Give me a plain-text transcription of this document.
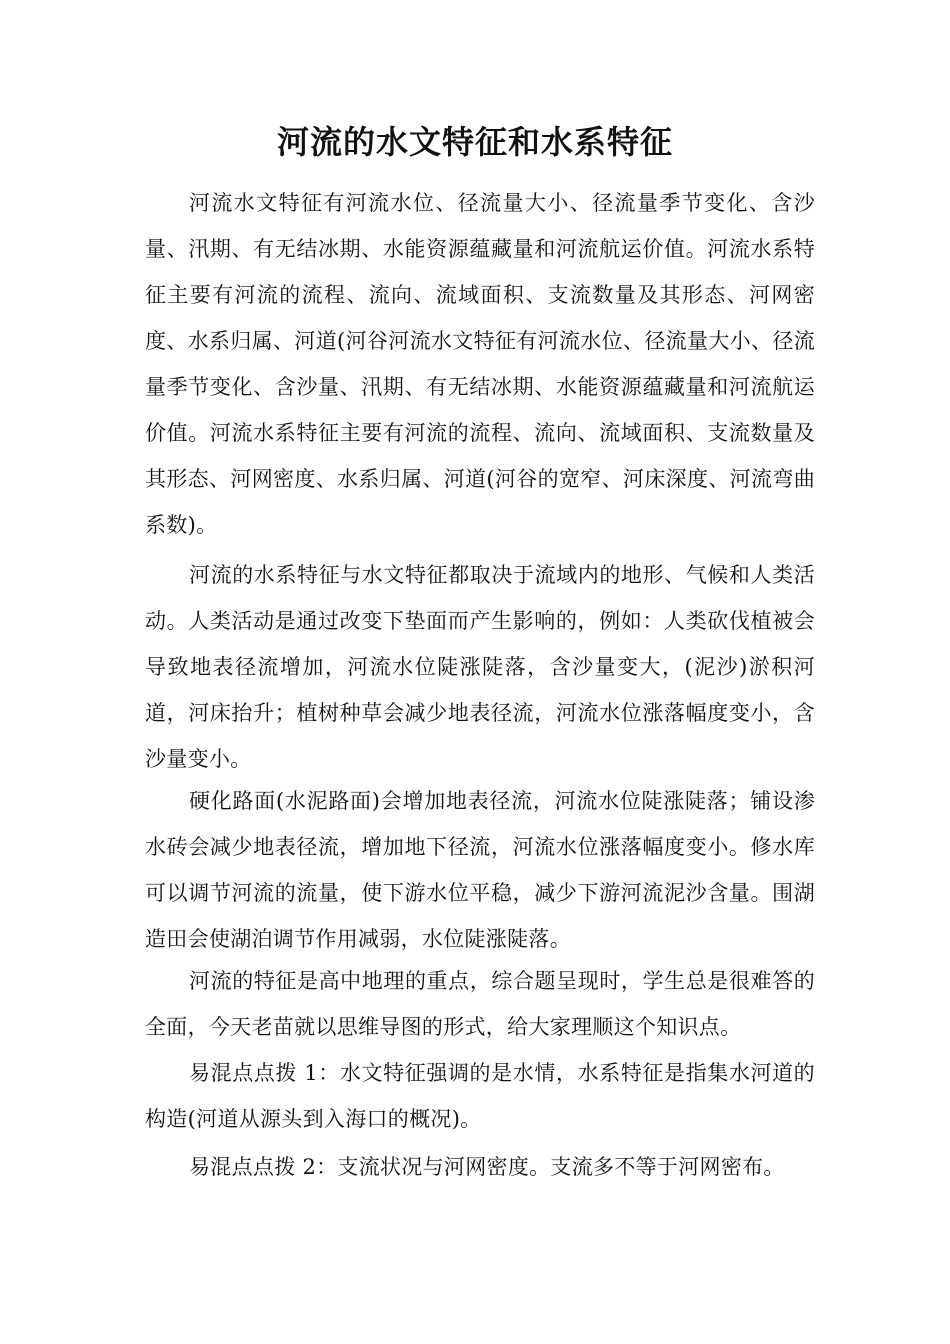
河流的水文特征和水系特征

河流水文特征有河流水位、径流量大小、径流量季节变化、含沙量、汛期、有无结冰期、水能资源蕴藏量和河流航运价值。河流水系特征主要有河流的流程、流向、流域面积、支流数量及其形态、河网密度、水系归属、河道(河谷河流水文特征有河流水位、径流量大小、径流量季节变化、含沙量、汛期、有无结冰期、水能资源蕴藏量和河流航运价值。河流水系特征主要有河流的流程、流向、流域面积、支流数量及其形态、河网密度、水系归属、河道(河谷的宽窄、河床深度、河流弯曲系数)。

河流的水系特征与水文特征都取决于流域内的地形、气候和人类活动。人类活动是通过改变下垫面而产生影响的，例如：人类砍伐植被会导致地表径流增加，河流水位陡涨陡落，含沙量变大，(泥沙)淤积河道，河床抬升；植树种草会减少地表径流，河流水位涨落幅度变小，含沙量变小。

硬化路面(水泥路面)会增加地表径流，河流水位陡涨陡落；铺设渗水砖会减少地表径流，增加地下径流，河流水位涨落幅度变小。修水库可以调节河流的流量，使下游水位平稳，减少下游河流泥沙含量。围湖造田会使湖泊调节作用减弱，水位陡涨陡落。

河流的特征是高中地理的重点，综合题呈现时，学生总是很难答的全面，今天老苗就以思维导图的形式，给大家理顺这个知识点。

易混点点拨 1：水文特征强调的是水情，水系特征是指集水河道的构造(河道从源头到入海口的概况)。

易混点点拨 2：支流状况与河网密度。支流多不等于河网密布。
